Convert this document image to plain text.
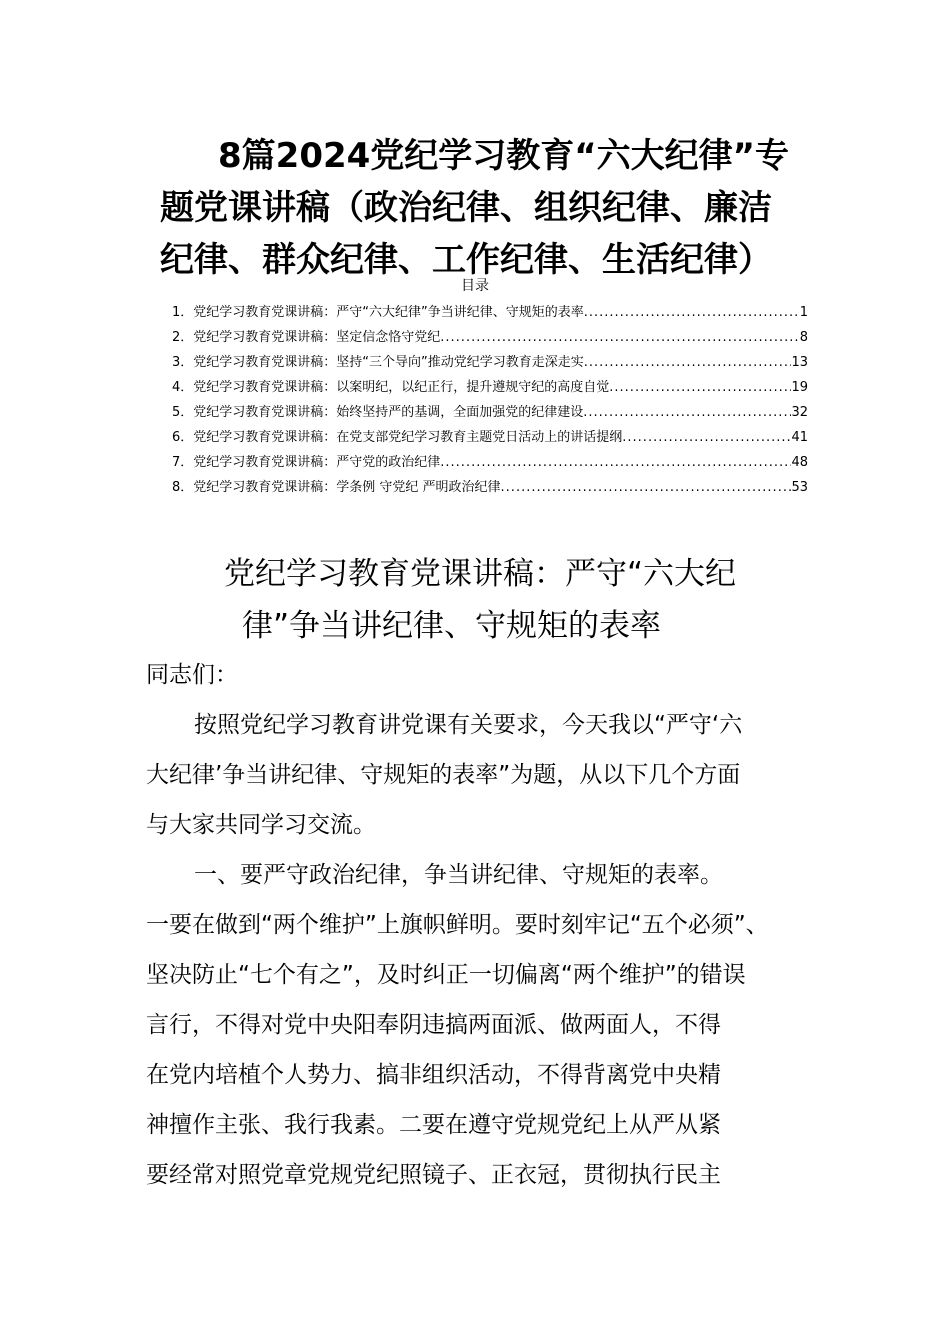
8篇2024党纪学习教育“六大纪律”专
题党课讲稿（政治纪律、组织纪律、廉洁
纪律、群众纪律、工作纪律、生活纪律）
目录
1．党纪学习教育党课讲稿：严守“六大纪律”争当讲纪律、守规矩的表率 .....	1
2．党纪学习教育党课讲稿：坚定信念恪守党纪 .....	8
3．党纪学习教育党课讲稿：坚持“三个导向”推动党纪学习教育走深走实 .....	13
4．党纪学习教育党课讲稿：以案明纪，以纪正行，提升遵规守纪的高度自觉 .....	19
5．党纪学习教育党课讲稿：始终坚持严的基调，全面加强党的纪律建设 .....	32
6．党纪学习教育党课讲稿：在党支部党纪学习教育主题党日活动上的讲话提纲 .....	41
7．党纪学习教育党课讲稿：严守党的政治纪律 .....	48
8．党纪学习教育党课讲稿：学条例 守党纪 严明政治纪律 .....	53
党纪学习教育党课讲稿：严守“六大纪
律”争当讲纪律、守规矩的表率

同志们：

按照党纪学习教育讲党课有关要求，今天我以“严守‘六
大纪律’争当讲纪律、守规矩的表率”为题，从以下几个方面
与大家共同学习交流。

一、要严守政治纪律，争当讲纪律、守规矩的表率。
一要在做到“两个维护”上旗帜鲜明。要时刻牢记“五个必须”、
坚决防止“七个有之”，及时纠正一切偏离“两个维护”的错误
言行，不得对党中央阳奉阴违搞两面派、做两面人，不得
在党内培植个人势力、搞非组织活动，不得背离党中央精
神擅作主张、我行我素。二要在遵守党规党纪上从严从紧
要经常对照党章党规党纪照镜子、正衣冠，贯彻执行民主
